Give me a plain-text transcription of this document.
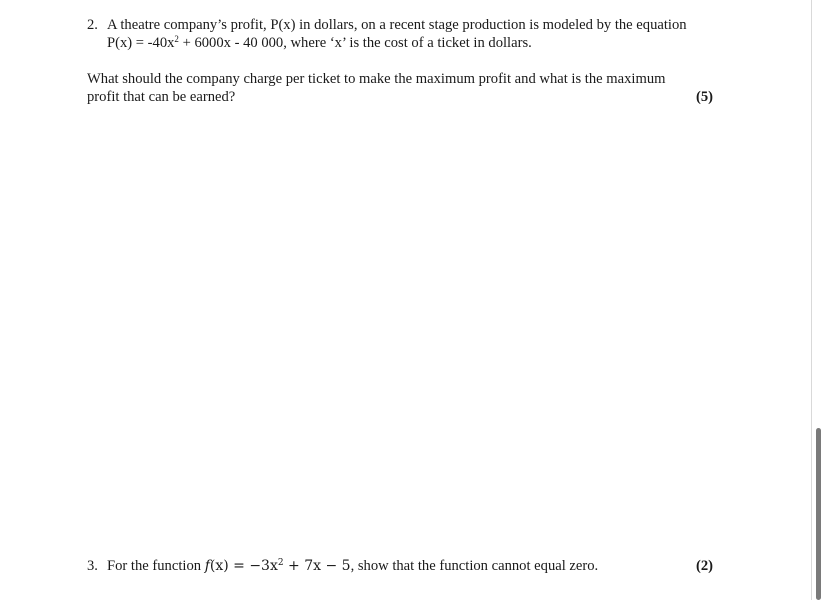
2. A theatre company’s profit, P(x) in dollars, on a recent stage production is modeled by the equation
$P(x) = -40x^2 + 6000x - 40$ 000, where ‘x’ is the cost of a ticket in dollars.
What should the company charge per ticket to make the maximum profit and what is the maximum
profit that can be earned?	(5)
3. For the function $f(x) = -3x^2 + 7x - 5$, show that the function cannot equal zero.	(2)
